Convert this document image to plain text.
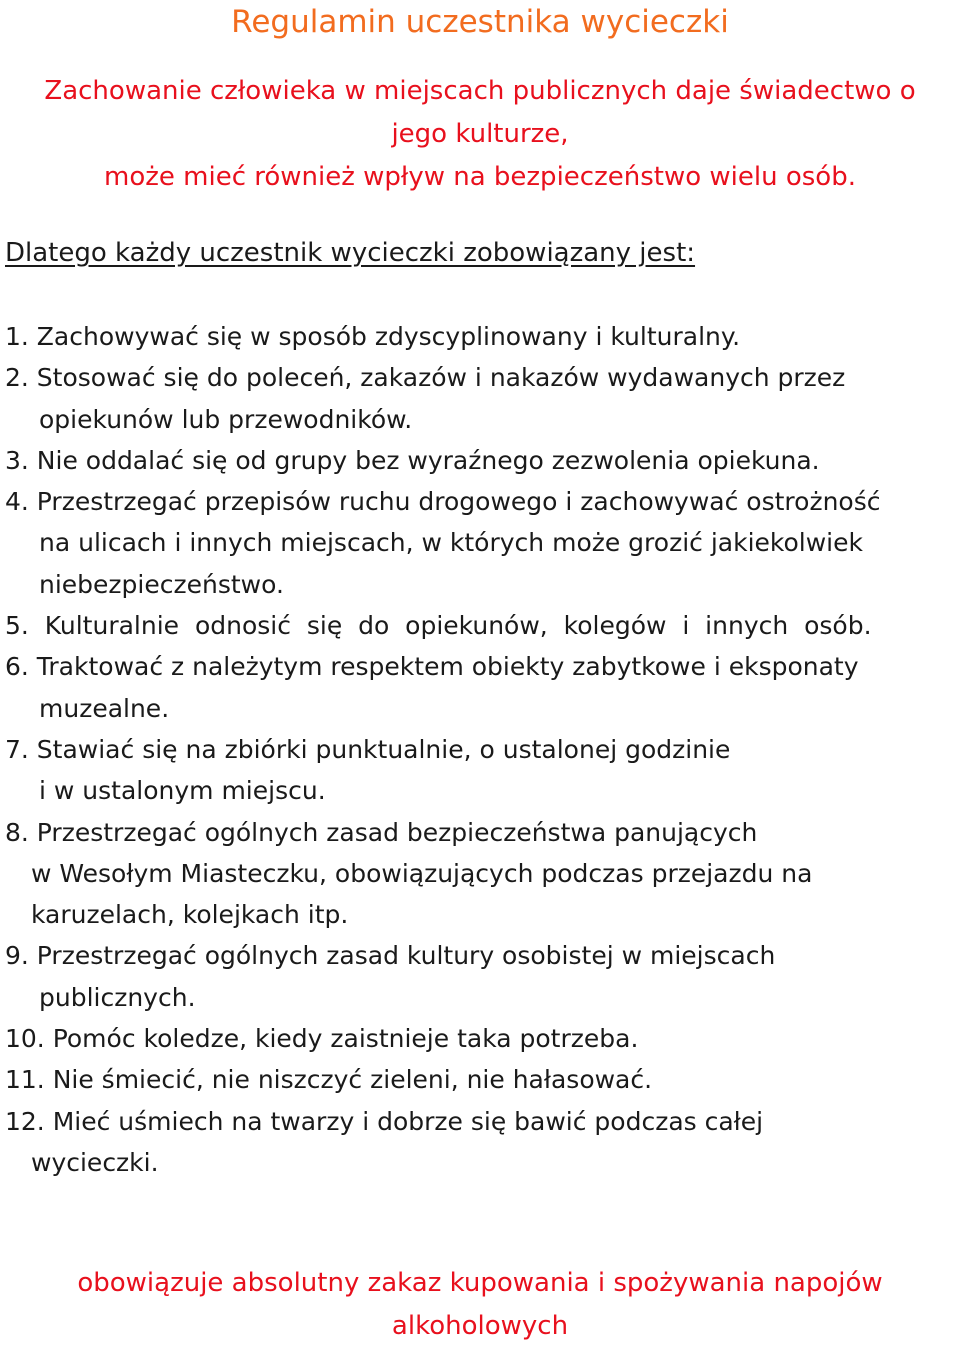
Regulamin uczestnika wycieczki
Zachowanie człowieka w miejscach publicznych daje świadectwo o
jego kulturze,
może mieć również wpływ na bezpieczeństwo wielu osób.
Dlatego każdy uczestnik wycieczki zobowiązany jest:
1. Zachowywać się w sposób zdyscyplinowany i kulturalny.
2. Stosować się do poleceń, zakazów i nakazów wydawanych przez
opiekunów lub przewodników.
3. Nie oddalać się od grupy bez wyraźnego zezwolenia opiekuna.
4. Przestrzegać przepisów ruchu drogowego i zachowywać ostrożność
na ulicach i innych miejscach, w których może grozić jakiekolwiek
niebezpieczeństwo.
5.  Kulturalnie  odnosić  się  do  opiekunów,  kolegów  i  innych  osób.
6. Traktować z należytym respektem obiekty zabytkowe i eksponaty
muzealne.
7. Stawiać się na zbiórki punktualnie, o ustalonej godzinie
i w ustalonym miejscu.
8. Przestrzegać ogólnych zasad bezpieczeństwa panujących
w Wesołym Miasteczku, obowiązujących podczas przejazdu na
karuzelach, kolejkach itp.
9. Przestrzegać ogólnych zasad kultury osobistej w miejscach
publicznych.
10. Pomóc koledze, kiedy zaistnieje taka potrzeba.
11. Nie śmiecić, nie niszczyć zieleni, nie hałasować.
12. Mieć uśmiech na twarzy i dobrze się bawić podczas całej
wycieczki.
obowiązuje absolutny zakaz kupowania i spożywania napojów
alkoholowych
